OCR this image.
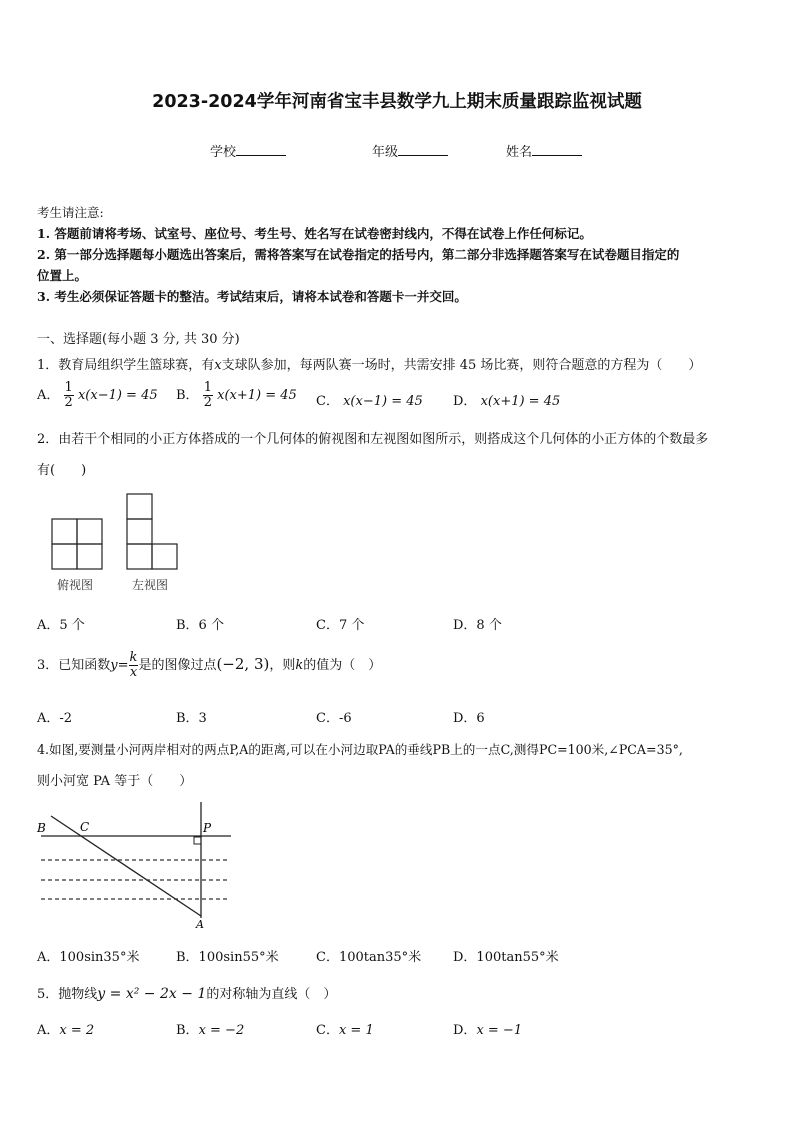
2023-2024学年河南省宝丰县数学九上期末质量跟踪监视试题
学校	年级	姓名
考生请注意:
1. 答题前请将考场、试室号、座位号、考生号、姓名写在试卷密封线内，不得在试卷上作任何标记。
2. 第一部分选择题每小题选出答案后，需将答案写在试卷指定的括号内，第二部分非选择题答案写在试卷题目指定的
位置上。
3. 考生必须保证答题卡的整洁。考试结束后，请将本试卷和答题卡一并交回。
一、选择题(每小题 3 分, 共 30 分)
1．教育局组织学生篮球赛，有x支球队参加，每两队赛一场时，共需安排 45 场比赛，则符合题意的方程为（　　）
A． $\frac{1}{2} x(x-1) = 45$ B． $\frac{1}{2} x(x+1) = 45$ C． x(x−1) = 45 D． x(x+1) = 45
2．由若干个相同的小正方体搭成的一个几何体的俯视图和左视图如图所示，则搭成这个几何体的小正方体的个数最多
有(　　)
俯视图	左视图
A．5 个	B．6 个	C．7 个	D．8 个
3．已知函数$y= \frac{k}{x}$ 是的图像过点(−2, 3)，则k的值为（　）
A．-2	B．3	C．-6	D．6
4.如图,要测量小河两岸相对的两点P,A的距离,可以在小河边取PA的垂线PB上的一点C,测得PC=100米,∠PCA=35°,
则小河宽 PA 等于（　　）
B	C	P
A
A．100sin35°米	B．100sin55°米	C．100tan35°米 D．100tan55°米
5．抛物线y = x² − 2x − 1的对称轴为直线（　）
A．x = 2	B．x = −2	C．x = 1	D．x = −1
